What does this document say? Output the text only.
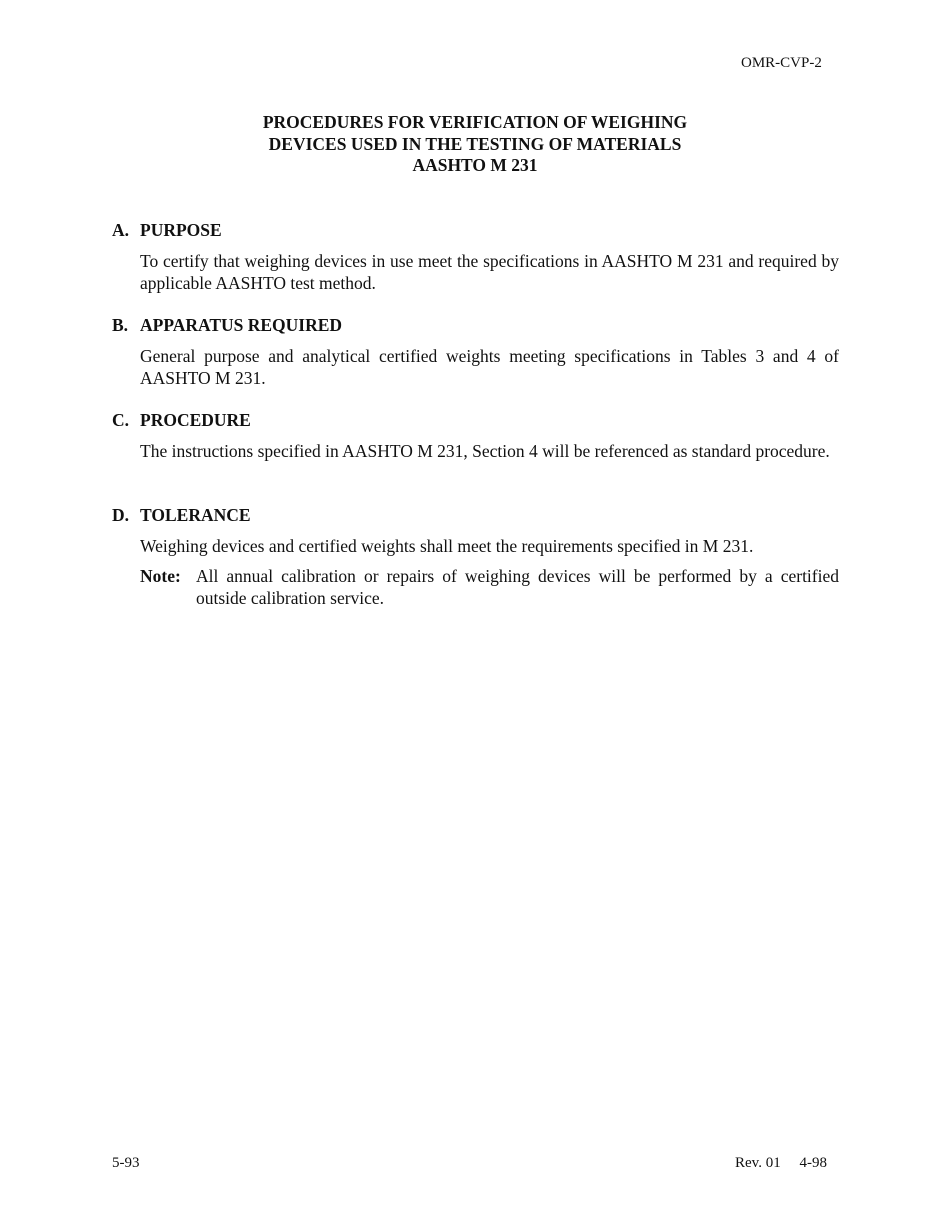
OMR-CVP-2
PROCEDURES FOR VERIFICATION OF WEIGHING
DEVICES USED IN THE TESTING OF MATERIALS
AASHTO M 231
A. PURPOSE
To certify that weighing devices in use meet the specifications in AASHTO M 231 and required by applicable AASHTO test method.
B. APPARATUS REQUIRED
General purpose and analytical certified weights meeting specifications in Tables 3 and 4 of AASHTO M 231.
C. PROCEDURE
The instructions specified in AASHTO M 231, Section 4 will be referenced as standard procedure.
D. TOLERANCE
Weighing devices and certified weights shall meet the requirements specified in M 231.
Note: All annual calibration or repairs of weighing devices will be performed by a certified outside calibration service.
5-93	Rev. 01 4-98
